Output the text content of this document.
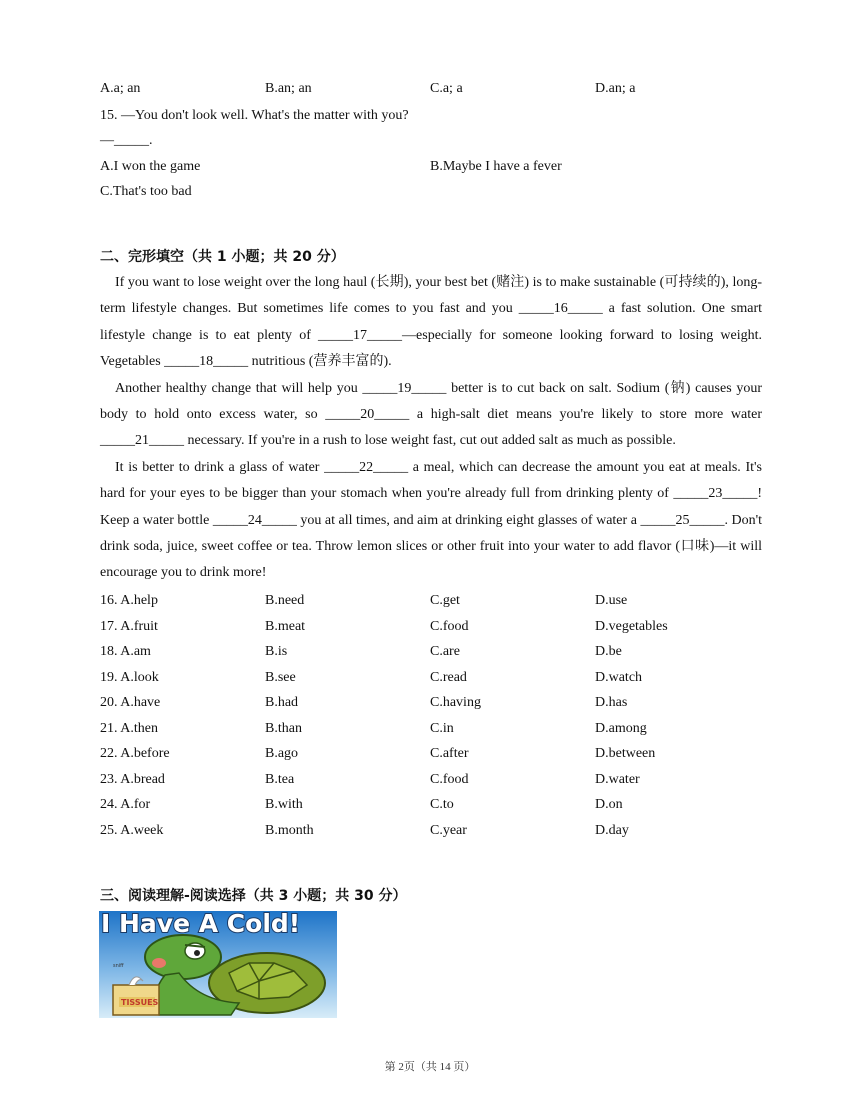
A.a; an	B.an; an	C.a; a	D.an; a
15. —You don't look well. What's the matter with you?
—_____.
A.I won the game	B.Maybe I have a fever
C.That's too bad
二、完形填空（共 1 小题；共 20 分）

If you want to lose weight over the long haul (长期), your best bet (赌注) is to make sustainable (可持续的), long-term lifestyle changes. But sometimes life comes to you fast and you _____16_____ a fast solution. One smart lifestyle change is to eat plenty of _____17_____—especially for someone looking forward to losing weight. Vegetables _____18_____ nutritious (营养丰富的).

Another healthy change that will help you _____19_____ better is to cut back on salt. Sodium (钠) causes your body to hold onto excess water, so _____20_____ a high-salt diet means you're likely to store more water _____21_____ necessary. If you're in a rush to lose weight fast, cut out added salt as much as possible.

It is better to drink a glass of water _____22_____ a meal, which can decrease the amount you eat at meals. It's hard for your eyes to be bigger than your stomach when you're already full from drinking plenty of _____23_____! Keep a water bottle _____24_____ you at all times, and aim at drinking eight glasses of water a _____25_____. Don't drink soda, juice, sweet coffee or tea. Throw lemon slices or other fruit into your water to add flavor (口味)—it will encourage you to drink more!

16. A.help	B.need	C.get	D.use
17. A.fruit	B.meat	C.food	D.vegetables
18. A.am	B.is	C.are	D.be
19. A.look	B.see	C.read	D.watch
20. A.have	B.had	C.having	D.has
21. A.then	B.than	C.in	D.among
22. A.before	B.ago	C.after	D.between
23. A.bread	B.tea	C.food	D.water
24. A.for	B.with	C.to	D.on
25. A.week	B.month	C.year	D.day
三、阅读理解-阅读选择（共 3 小题；共 30 分）
TISSUES
sniff
I Have A Cold!
第 2页（共 14 页）
